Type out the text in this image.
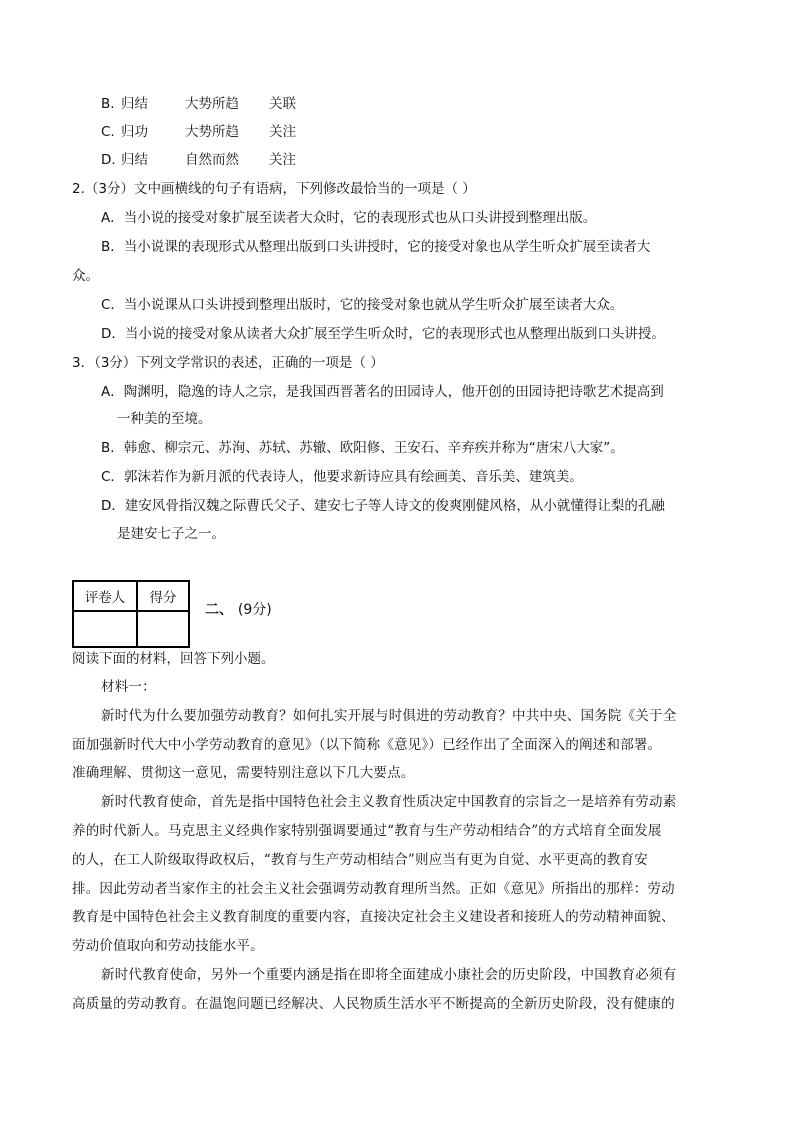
B. 归结	大势所趋 关联
C. 归功	大势所趋 关注
D. 归结	自然而然 关注
2.（3分）文中画横线的句子有语病，下列修改最恰当的一项是（ ）
A．当小说的接受对象扩展至读者大众时，它的表现形式也从口头讲授到整理出版。
B．当小说课的表现形式从整理出版到口头讲授时，它的接受对象也从学生听众扩展至读者大
众。
C．当小说课从口头讲授到整理出版时，它的接受对象也就从学生听众扩展至读者大众。
D．当小说的接受对象从读者大众扩展至学生听众时，它的表现形式也从整理出版到口头讲授。
3．（3分）下列文学常识的表述，正确的一项是（ ）
A．陶渊明，隐逸的诗人之宗，是我国西晋著名的田园诗人，他开创的田园诗把诗歌艺术提高到
一种美的至境。
B．韩愈、柳宗元、苏洵、苏轼、苏辙、欧阳修、王安石、辛弃疾并称为“唐宋八大家”。
C．郭沫若作为新月派的代表诗人，他要求新诗应具有绘画美、音乐美、建筑美。
D．建安风骨指汉魏之际曹氏父子、建安七子等人诗文的俊爽刚健风格，从小就懂得让梨的孔融
是建安七子之一。
评卷人	得分

二、 (9分)
阅读下面的材料，回答下列小题。
材料一：
新时代为什么要加强劳动教育？如何扎实开展与时俱进的劳动教育？中共中央、国务院《关于全
面加强新时代大中小学劳动教育的意见》（以下简称《意见》）已经作出了全面深入的阐述和部署。
准确理解、贯彻这一意见，需要特别注意以下几大要点。
新时代教育使命，首先是指中国特色社会主义教育性质决定中国教育的宗旨之一是培养有劳动素
养的时代新人。马克思主义经典作家特别强调要通过“教育与生产劳动相结合”的方式培育全面发展
的人，在工人阶级取得政权后，“教育与生产劳动相结合”则应当有更为自觉、水平更高的教育安
排。因此劳动者当家作主的社会主义社会强调劳动教育理所当然。正如《意见》所指出的那样：劳动
教育是中国特色社会主义教育制度的重要内容，直接决定社会主义建设者和接班人的劳动精神面貌、
劳动价值取向和劳动技能水平。
新时代教育使命，另外一个重要内涵是指在即将全面建成小康社会的历史阶段，中国教育必须有
高质量的劳动教育。在温饱问题已经解决、人民物质生活水平不断提高的全新历史阶段，没有健康的
